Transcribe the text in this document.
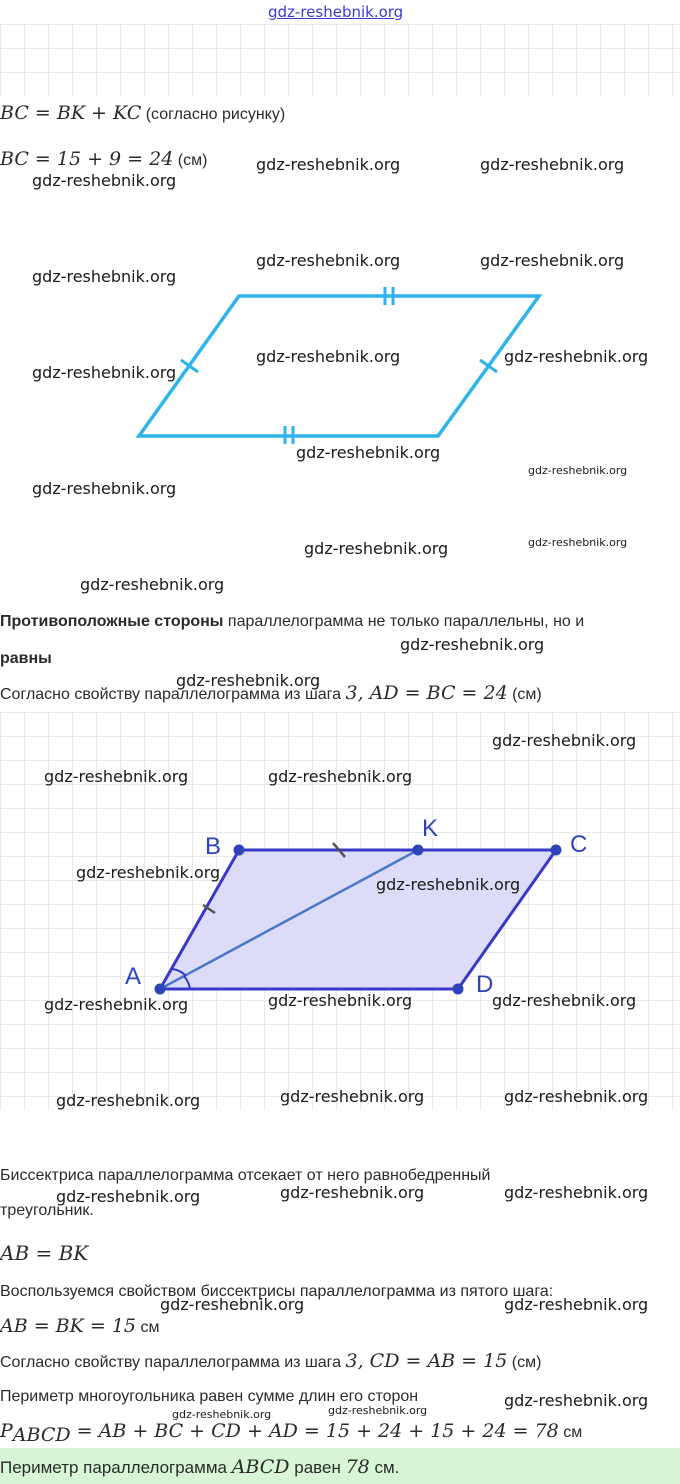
gdz-reshebnik.org
BC = BK + KC (согласно рисунку)
BC = 15 + 9 = 24 (см)
Противоположные стороны параллелограмма не только параллельны, но и
равны
Согласно свойству параллелограмма из шага 3, AD = BC = 24 (см)
A
B
K
C
D
Биссектриса параллелограмма отсекает от него равнобедренный
треугольник.
AB = BK
Воспользуемся свойством биссектрисы параллелограмма из пятого шага:
AB = BK = 15 см
Согласно свойству параллелограмма из шага 3, CD = AB = 15 (см)
Периметр многоугольника равен сумме длин его сторон
$P_{ABCD}$ = AB + BC + CD + AD = 15 + 24 + 15 + 24 = 78 см
Периметр параллелограмма ABCD равен 78 см.
gdz-reshebnik.org	gdz-reshebnik.org
gdz-reshebnik.org
gdz-reshebnik.org	gdz-reshebnik.org
gdz-reshebnik.org
gdz-reshebnik.org	gdz-reshebnik.org
gdz-reshebnik.org
gdz-reshebnik.org
gdz-reshebnik.org
gdz-reshebnik.org
gdz-reshebnik.org	gdz-reshebnik.org
gdz-reshebnik.org
gdz-reshebnik.org
gdz-reshebnik.org
gdz-reshebnik.org
gdz-reshebnik.org	gdz-reshebnik.org
gdz-reshebnik.org
gdz-reshebnik.org
gdz-reshebnik.org	gdz-reshebnik.org	gdz-reshebnik.org
gdz-reshebnik.org	gdz-reshebnik.org	gdz-reshebnik.org
gdz-reshebnik.org	gdz-reshebnik.org	gdz-reshebnik.org
gdz-reshebnik.org	gdz-reshebnik.org
gdz-reshebnik.org
gdz-reshebnik.org	gdz-reshebnik.org
